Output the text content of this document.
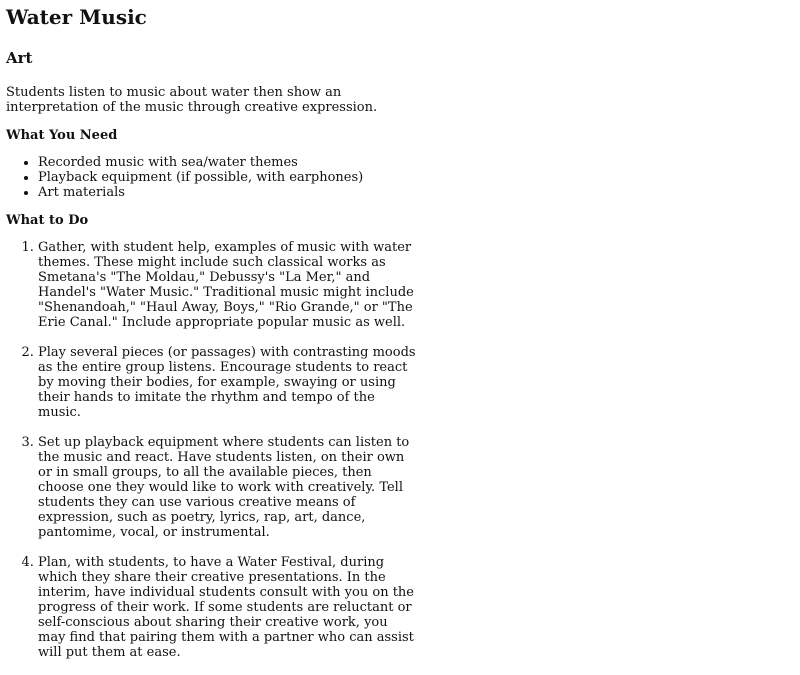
Water Music
Art

Students listen to music about water then show an interpretation of the music through creative expression.

What You Need
• Recorded music with sea/water themes
• Playback equipment (if possible, with earphones)
• Art materials
What to Do
1. Gather, with student help, examples of music with water themes. These might include such classical works as Smetana's "The Moldau," Debussy's "La Mer," and Handel's "Water Music." Traditional music might include "Shenandoah," "Haul Away, Boys," "Rio Grande," or "The Erie Canal." Include appropriate popular music as well.
2. Play several pieces (or passages) with contrasting moods as the entire group listens. Encourage students to react by moving their bodies, for example, swaying or using their hands to imitate the rhythm and tempo of the music.
3. Set up playback equipment where students can listen to the music and react. Have students listen, on their own or in small groups, to all the available pieces, then choose one they would like to work with creatively. Tell students they can use various creative means of expression, such as poetry, lyrics, rap, art, dance, pantomime, vocal, or instrumental.
4. Plan, with students, to have a Water Festival, during which they share their creative presentations. In the interim, have individual students consult with you on the progress of their work. If some students are reluctant or self-conscious about sharing their creative work, you may find that pairing them with a partner who can assist will put them at ease.
